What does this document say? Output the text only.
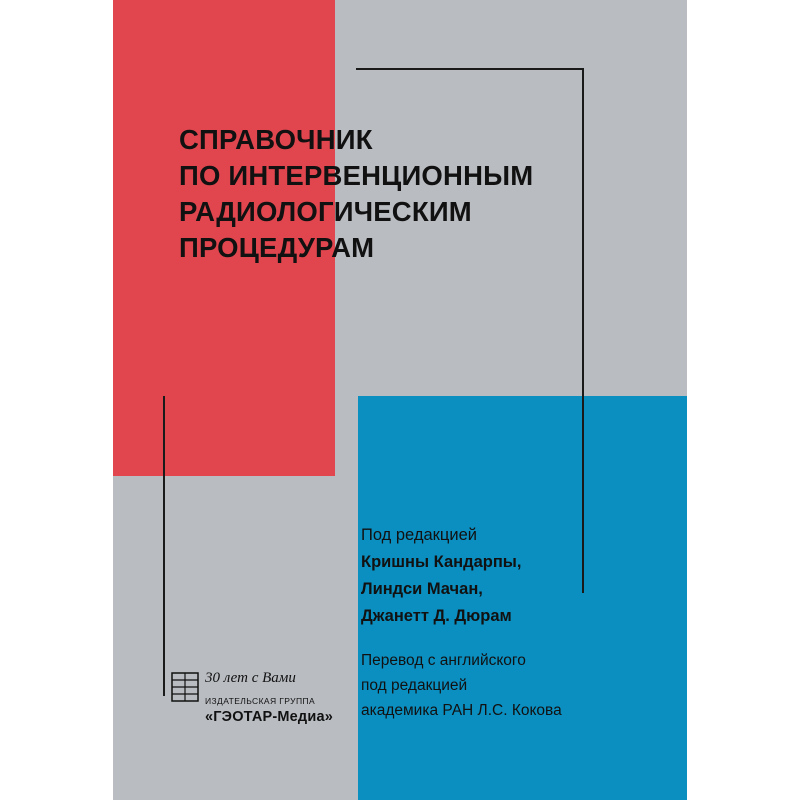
СПРАВОЧНИК
ПО ИНТЕРВЕНЦИОННЫМ
РАДИОЛОГИЧЕСКИМ
ПРОЦЕДУРАМ
Под редакцией
Кришны Кандарпы,
Линдси Мачан,
Джанетт Д. Дюрам
Перевод с английского
под редакцией
академика РАН Л.С. Кокова
30 лет с Вами
ИЗДАТЕЛЬСКАЯ ГРУППА
«ГЭОТАР-Медиа»
